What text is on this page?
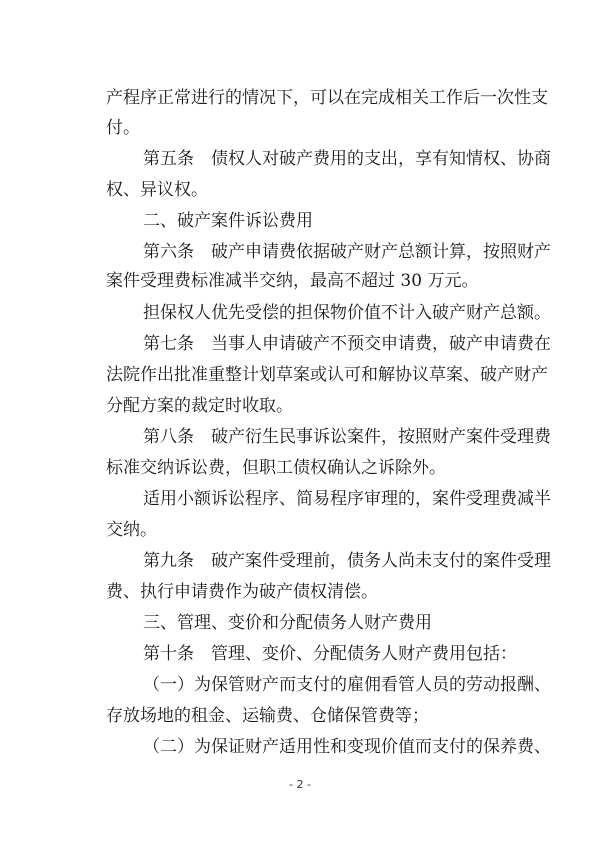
产程序正常进行的情况下，可以在完成相关工作后一次性支
付。
第五条　债权人对破产费用的支出，享有知情权、协商
权、异议权。
二、破产案件诉讼费用
第六条　破产申请费依据破产财产总额计算，按照财产
案件受理费标准减半交纳，最高不超过 30 万元。
担保权人优先受偿的担保物价值不计入破产财产总额。
第七条　当事人申请破产不预交申请费，破产申请费在
法院作出批准重整计划草案或认可和解协议草案、破产财产
分配方案的裁定时收取。
第八条　破产衍生民事诉讼案件，按照财产案件受理费
标准交纳诉讼费，但职工债权确认之诉除外。
适用小额诉讼程序、简易程序审理的，案件受理费减半
交纳。
第九条　破产案件受理前，债务人尚未支付的案件受理
费、执行申请费作为破产债权清偿。
三、管理、变价和分配债务人财产费用
第十条　管理、变价、分配债务人财产费用包括：
（一）为保管财产而支付的雇佣看管人员的劳动报酬、
存放场地的租金、运输费、仓储保管费等；
（二）为保证财产适用性和变现价值而支付的保养费、
- 2 -
